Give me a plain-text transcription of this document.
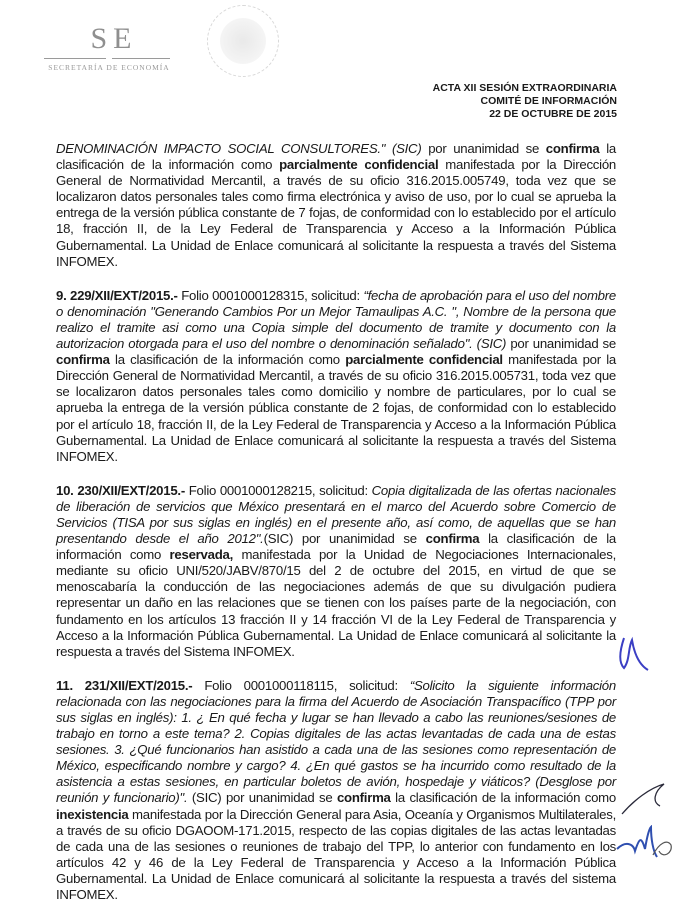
SE
SECRETARÍA DE ECONOMÍA
ACTA XII SESIÓN EXTRAORDINARIA
COMITÉ DE INFORMACIÓN
22 DE OCTUBRE DE 2015

DENOMINACIÓN IMPACTO SOCIAL CONSULTORES." (SIC) por unanimidad se confirma la clasificación de la información como parcialmente confidencial manifestada por la Dirección General de Normatividad Mercantil, a través de su oficio 316.2015.005749, toda vez que se localizaron datos personales tales como firma electrónica y aviso de uso, por lo cual se aprueba la entrega de la versión pública constante de 7 fojas, de conformidad con lo establecido por el artículo 18, fracción II, de la Ley Federal de Transparencia y Acceso a la Información Pública Gubernamental. La Unidad de Enlace comunicará al solicitante la respuesta a través del Sistema INFOMEX.

9. 229/XII/EXT/2015.- Folio 0001000128315, solicitud: “fecha de aprobación para el uso del nombre o denominación "Generando Cambios Por un Mejor Tamaulipas A.C. ", Nombre de la persona que realizo el tramite asi como una Copia simple del documento de tramite y documento con la autorizacion otorgada para el uso del nombre o denominación señalado". (SIC) por unanimidad se confirma la clasificación de la información como parcialmente confidencial manifestada por la Dirección General de Normatividad Mercantil, a través de su oficio 316.2015.005731, toda vez que se localizaron datos personales tales como domicilio y nombre de particulares, por lo cual se aprueba la entrega de la versión pública constante de 2 fojas, de conformidad con lo establecido por el artículo 18, fracción II, de la Ley Federal de Transparencia y Acceso a la Información Pública Gubernamental. La Unidad de Enlace comunicará al solicitante la respuesta a través del Sistema INFOMEX.

10. 230/XII/EXT/2015.- Folio 0001000128215, solicitud: Copia digitalizada de las ofertas nacionales de liberación de servicios que México presentará en el marco del Acuerdo sobre Comercio de Servicios (TISA por sus siglas en inglés) en el presente año, así como, de aquellas que se han presentando desde el año 2012".(SIC) por unanimidad se confirma la clasificación de la información como reservada, manifestada por la Unidad de Negociaciones Internacionales, mediante su oficio UNI/520/JABV/870/15 del 2 de octubre del 2015, en virtud de que se menoscabaría la conducción de las negociaciones además de que su divulgación pudiera representar un daño en las relaciones que se tienen con los países parte de la negociación, con fundamento en los artículos 13 fracción II y 14 fracción VI de la Ley Federal de Transparencia y Acceso a la Información Pública Gubernamental. La Unidad de Enlace comunicará al solicitante la respuesta a través del Sistema INFOMEX.

11. 231/XII/EXT/2015.- Folio 0001000118115, solicitud: “Solicito la siguiente información relacionada con las negociaciones para la firma del Acuerdo de Asociación Transpacífico (TPP por sus siglas en inglés): 1. ¿ En qué fecha y lugar se han llevado a cabo las reuniones/sesiones de trabajo en torno a este tema? 2. Copias digitales de las actas levantadas de cada una de estas sesiones. 3. ¿Qué funcionarios han asistido a cada una de las sesiones como representación de México, especificando nombre y cargo? 4. ¿En qué gastos se ha incurrido como resultado de la asistencia a estas sesiones, en particular boletos de avión, hospedaje y viáticos? (Desglose por reunión y funcionario)". (SIC) por unanimidad se confirma la clasificación de la información como inexistencia manifestada por la Dirección General para Asia, Oceanía y Organismos Multilaterales, a través de su oficio DGAOOM-171.2015, respecto de las copias digitales de las actas levantadas de cada una de las sesiones o reuniones de trabajo del TPP, lo anterior con fundamento en los artículos 42 y 46 de la Ley Federal de Transparencia y Acceso a la Información Pública Gubernamental. La Unidad de Enlace comunicará al solicitante la respuesta a través del sistema INFOMEX.
